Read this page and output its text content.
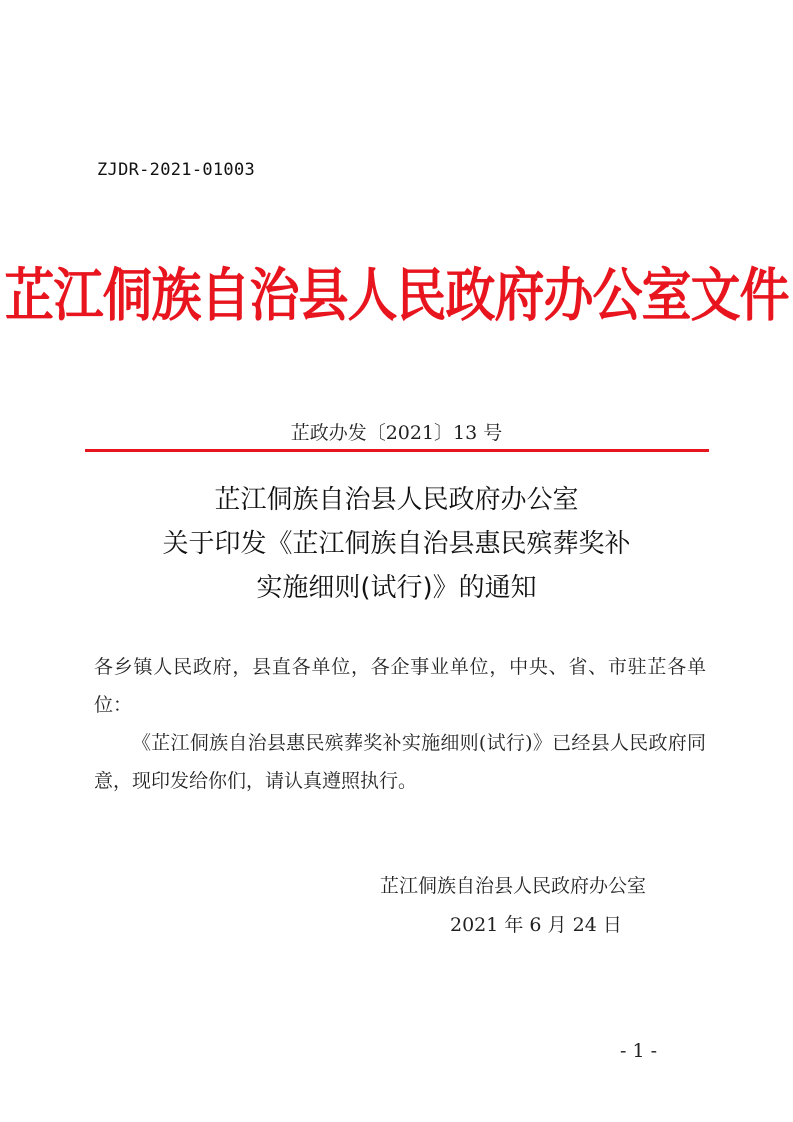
ZJDR-2021-01003
芷江侗族自治县人民政府办公室文件
芷政办发〔2021〕13 号
芷江侗族自治县人民政府办公室
关于印发《芷江侗族自治县惠民殡葬奖补
实施细则(试行)》的通知

各乡镇人民政府，县直各单位，各企事业单位，中央、省、市驻芷各单位：

《芷江侗族自治县惠民殡葬奖补实施细则(试行)》已经县人民政府同意，现印发给你们，请认真遵照执行。

芷江侗族自治县人民政府办公室
2021 年 6 月 24 日
- 1 -
